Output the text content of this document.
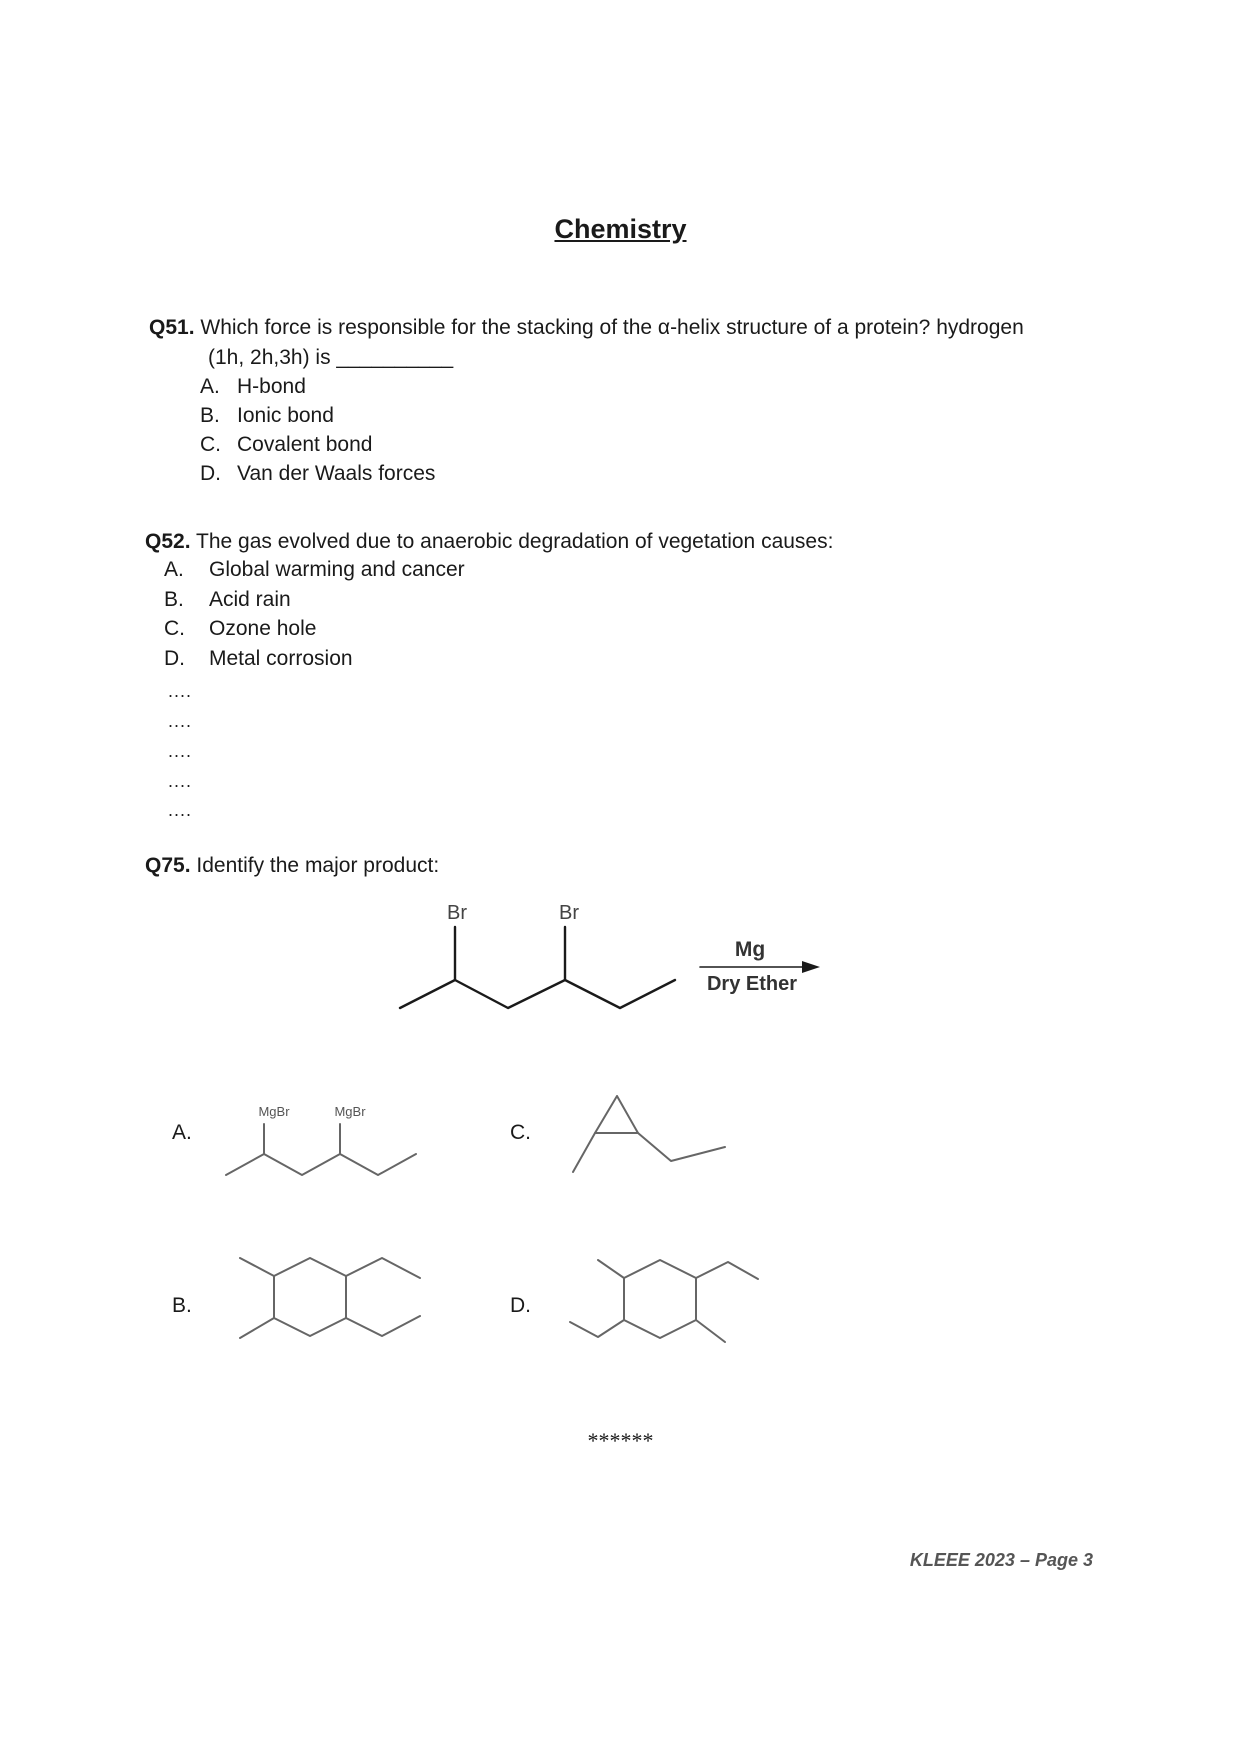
Chemistry
Q51. Which force is responsible for the stacking of the α-helix structure of a protein? hydrogen
(1h, 2h,3h) is __________
A. H-bond
B. Ionic bond
C. Covalent bond
D. Van der Waals forces
Q52. The gas evolved due to anaerobic degradation of vegetation causes:
A. Global warming and cancer
B. Acid rain
C. Ozone hole
D. Metal corrosion
....
....
....
....
....
Q75. Identify the major product:
Br	Br
Mg
Dry Ether
A.
B.
C.
D.
MgBr	MgBr
******
KLEEE 2023 – Page 3
